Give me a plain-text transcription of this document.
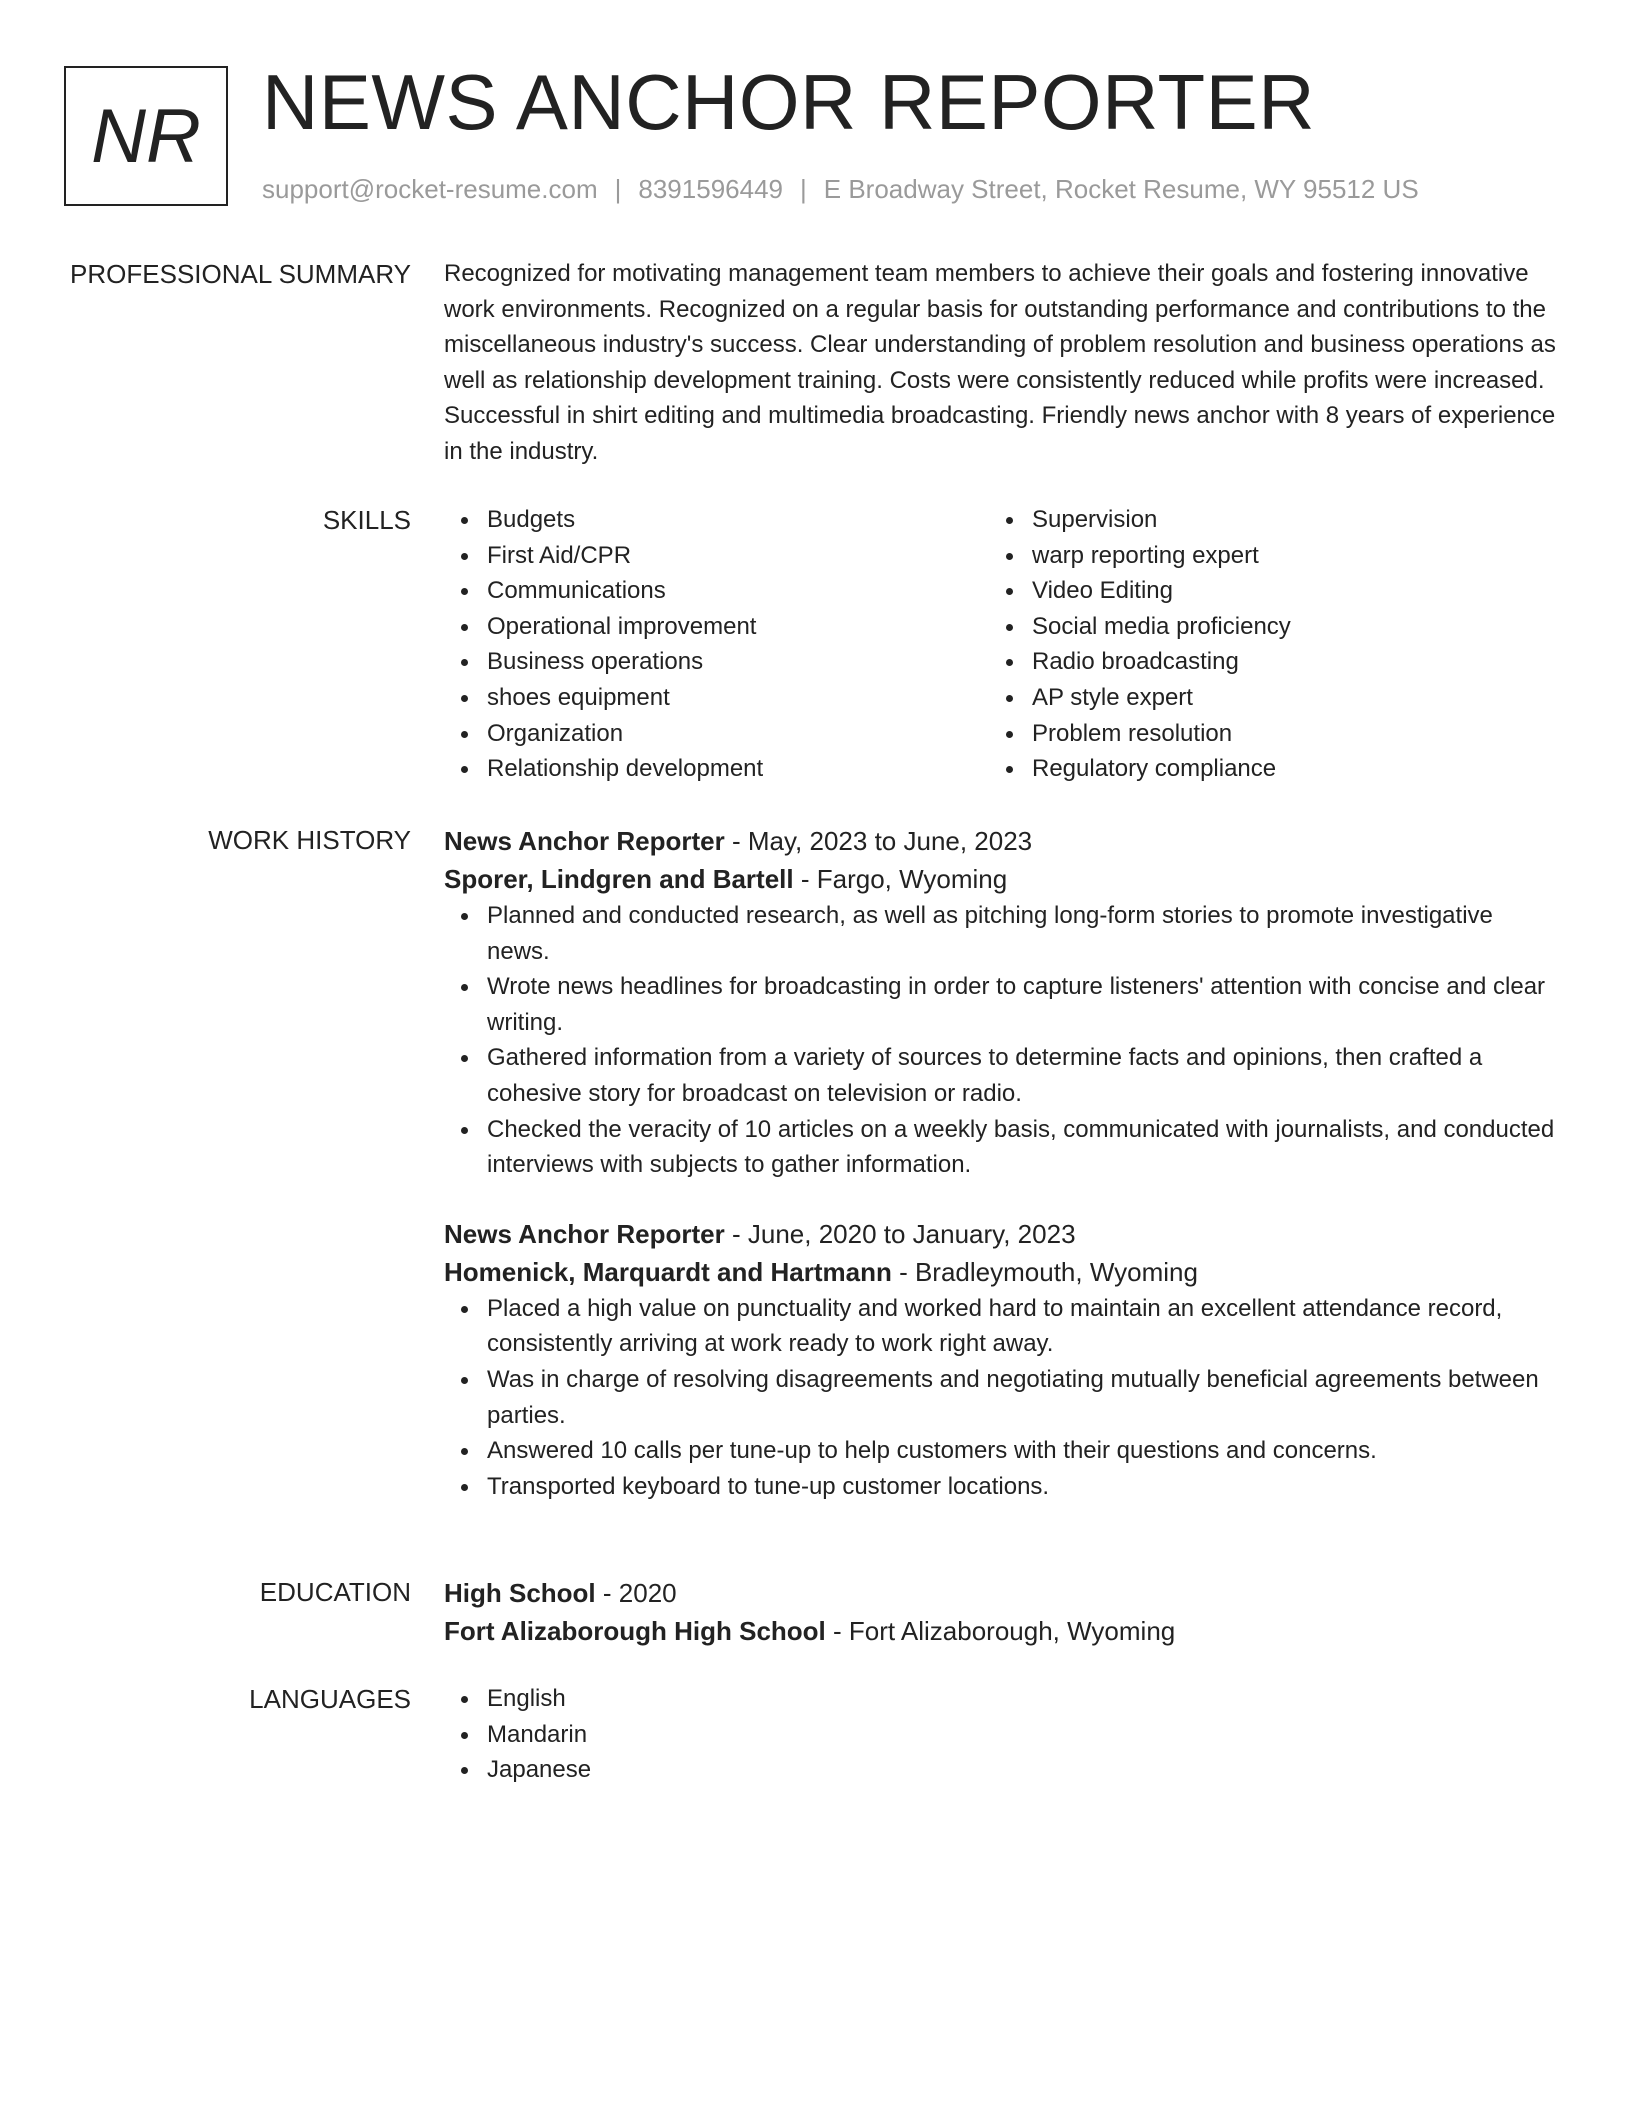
NR NEWS ANCHOR REPORTER
support@rocket-resume.com | 8391596449 | E Broadway Street, Rocket Resume, WY 95512 US
PROFESSIONAL SUMMARY Recognized for motivating management team members to achieve their goals and fostering innovative work environments. Recognized on a regular basis for outstanding performance and contributions to the miscellaneous industry's success. Clear understanding of problem resolution and business operations as well as relationship development training. Costs were consistently reduced while profits were increased. Successful in shirt editing and multimedia broadcasting. Friendly news anchor with 8 years of experience in the industry.

SKILLS	Budgets
First Aid/CPR
Communications
Operational improvement
Business operations
shoes equipment
Organization
Relationship development
Supervision
warp reporting expert
Video Editing
Social media proficiency
Radio broadcasting
AP style expert
Problem resolution
Regulatory compliance
WORK HISTORY News Anchor Reporter - May, 2023 to June, 2023
Sporer, Lindgren and Bartell - Fargo, Wyoming
Planned and conducted research, as well as pitching long-form stories to promote investigative news.
Wrote news headlines for broadcasting in order to capture listeners' attention with concise and clear writing.
Gathered information from a variety of sources to determine facts and opinions, then crafted a cohesive story for broadcast on television or radio.
Checked the veracity of 10 articles on a weekly basis, communicated with journalists, and conducted interviews with subjects to gather information.
News Anchor Reporter - June, 2020 to January, 2023
Homenick, Marquardt and Hartmann - Bradleymouth, Wyoming
Placed a high value on punctuality and worked hard to maintain an excellent attendance record, consistently arriving at work ready to work right away.
Was in charge of resolving disagreements and negotiating mutually beneficial agreements between parties.
Answered 10 calls per tune-up to help customers with their questions and concerns.
Transported keyboard to tune-up customer locations.
EDUCATION High School - 2020
Fort Alizaborough High School - Fort Alizaborough, Wyoming
LANGUAGES	English
Mandarin
Japanese
